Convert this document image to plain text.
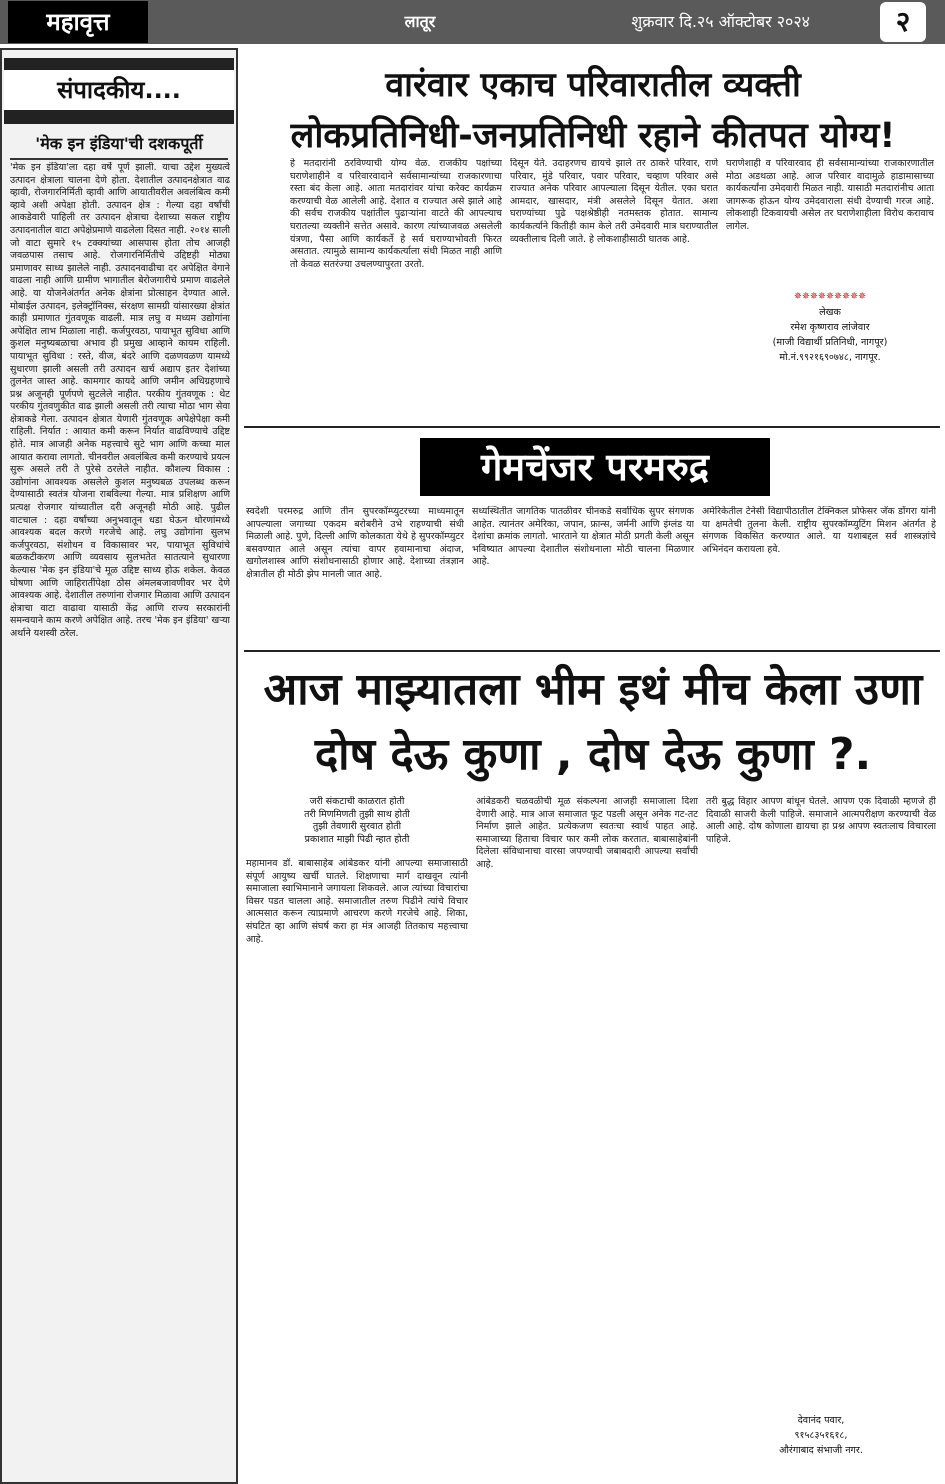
महावृत्त	लातूर	शुक्रवार दि.२५ ऑक्टोबर २०२४	२
संपादकीय....
'मेक इन इंडिया'ची दशकपूर्ती
'मेक इन इंडिया'ला दहा वर्षे पूर्ण झाली. याचा उद्देश मुख्यत्वे उत्पादन क्षेत्राला चालना देणे होता. देशातील उत्पादनक्षेत्रात वाढ व्हावी, रोजगारनिर्मिती व्हावी आणि आयातीवरील अवलंबित्व कमी व्हावे अशी अपेक्षा होती. उत्पादन क्षेत्र : गेल्या दहा वर्षांची आकडेवारी पाहिली तर उत्पादन क्षेत्राचा देशाच्या सकल राष्ट्रीय उत्पादनातील वाटा अपेक्षेप्रमाणे वाढलेला दिसत नाही. २०१४ साली जो वाटा सुमारे १५ टक्क्यांच्या आसपास होता तोच आजही जवळपास तसाच आहे. रोजगारनिर्मितीचे उद्दिष्टही मोठ्या प्रमाणावर साध्य झालेले नाही. उत्पादनवाढीचा दर अपेक्षित वेगाने वाढला नाही आणि ग्रामीण भागातील बेरोजगारीचे प्रमाण वाढलेले आहे. या योजनेअंतर्गत अनेक क्षेत्रांना प्रोत्साहन देण्यात आले. मोबाईल उत्पादन, इलेक्ट्रॉनिक्स, संरक्षण सामग्री यांसारख्या क्षेत्रांत काही प्रमाणात गुंतवणूक वाढली. मात्र लघु व मध्यम उद्योगांना अपेक्षित लाभ मिळाला नाही. कर्जपुरवठा, पायाभूत सुविधा आणि कुशल मनुष्यबळाचा अभाव ही प्रमुख आव्हाने कायम राहिली. पायाभूत सुविधा : रस्ते, वीज, बंदरे आणि दळणवळण यामध्ये सुधारणा झाली असली तरी उत्पादन खर्च अद्याप इतर देशांच्या तुलनेत जास्त आहे. कामगार कायदे आणि जमीन अधिग्रहणाचे प्रश्न अजूनही पूर्णपणे सुटलेले नाहीत. परकीय गुंतवणूक : थेट परकीय गुंतवणुकीत वाढ झाली असली तरी त्याचा मोठा भाग सेवा क्षेत्राकडे गेला. उत्पादन क्षेत्रात येणारी गुंतवणूक अपेक्षेपेक्षा कमी राहिली. निर्यात : आयात कमी करून निर्यात वाढविण्याचे उद्दिष्ट होते. मात्र आजही अनेक महत्त्वाचे सुटे भाग आणि कच्चा माल आयात करावा लागतो. चीनवरील अवलंबित्व कमी करण्याचे प्रयत्न सुरू असले तरी ते पुरेसे ठरलेले नाहीत. कौशल्य विकास : उद्योगांना आवश्यक असलेले कुशल मनुष्यबळ उपलब्ध करून देण्यासाठी स्वतंत्र योजना राबविल्या गेल्या. मात्र प्रशिक्षण आणि प्रत्यक्ष रोजगार यांच्यातील दरी अजूनही मोठी आहे. पुढील वाटचाल : दहा वर्षांच्या अनुभवातून धडा घेऊन धोरणांमध्ये आवश्यक बदल करणे गरजेचे आहे. लघु उद्योगांना सुलभ कर्जपुरवठा, संशोधन व विकासावर भर, पायाभूत सुविधांचे बळकटीकरण आणि व्यवसाय सुलभतेत सातत्याने सुधारणा केल्यास 'मेक इन इंडिया'चे मूळ उद्दिष्ट साध्य होऊ शकेल. केवळ घोषणा आणि जाहिरातींपेक्षा ठोस अंमलबजावणीवर भर देणे आवश्यक आहे. देशातील तरुणांना रोजगार मिळावा आणि उत्पादन क्षेत्राचा वाटा वाढावा यासाठी केंद्र आणि राज्य सरकारांनी समन्वयाने काम करणे अपेक्षित आहे. तरच 'मेक इन इंडिया' खऱ्या अर्थाने यशस्वी ठरेल.
वारंवार एकाच परिवारातील व्यक्ती
लोकप्रतिनिधी-जनप्रतिनिधी रहाने कीतपत योग्य!
हे मतदारांनी ठरविण्याची योग्य वेळ. राजकीय पक्षांच्या घराणेशाहीने व परिवारवादाने सर्वसामान्यांच्या राजकारणाचा रस्ता बंद केला आहे. आता मतदारांवर यांचा करेक्ट कार्यक्रम करण्याची वेळ आलेली आहे. देशात व राज्यात असे झाले आहे की सर्वच राजकीय पक्षांतील पुढाऱ्यांना वाटते की आपल्याच घरातल्या व्यक्तीने सत्तेत असावे. कारण त्यांच्याजवळ असलेली यंत्रणा, पैसा आणि कार्यकर्ते हे सर्व घराण्याभोवती फिरत असतात. त्यामुळे सामान्य कार्यकर्त्याला संधी मिळत नाही आणि तो केवळ सतरंज्या उचलण्यापुरता उरतो.
दिसून येते. उदाहरणच द्यायचे झाले तर ठाकरे परिवार, राणे परिवार, मुंडे परिवार, पवार परिवार, चव्हाण परिवार असे राज्यात अनेक परिवार आपल्याला दिसून येतील. एका घरात आमदार, खासदार, मंत्री असलेले दिसून येतात. अशा घराण्यांच्या पुढे पक्षश्रेष्ठीही नतमस्तक होतात. सामान्य कार्यकर्त्याने कितीही काम केले तरी उमेदवारी मात्र घराण्यातील व्यक्तीलाच दिली जाते. हे लोकशाहीसाठी घातक आहे.
घराणेशाही व परिवारवाद ही सर्वसामान्यांच्या राजकारणातील मोठा अडथळा आहे. आज परिवार वादामुळे हाडामासाच्या कार्यकर्त्यांना उमेदवारी मिळत नाही. यासाठी मतदारांनीच आता जागरूक होऊन योग्य उमेदवाराला संधी देण्याची गरज आहे. लोकशाही टिकवायची असेल तर घराणेशाहीला विरोध करावाच लागेल.
✵✵✵✵✵✵✵✵✵
लेखक
रमेश कृष्णराव लांजेवार
(माजी विद्यार्थी प्रतिनिधी, नागपूर)
मो.नं.९९२१६९०७४८, नागपूर.
गेमचेंजर परमरुद्र
स्वदेशी परमरुद्र आणि तीन सुपरकॉम्प्युटरच्या माध्यमातून आपल्याला जगाच्या एकदम बरोबरीने उभे राहण्याची संधी मिळाली आहे. पुणे, दिल्ली आणि कोलकाता येथे हे सुपरकॉम्प्युटर बसवण्यात आले असून त्यांचा वापर हवामानाचा अंदाज, खगोलशास्त्र आणि संशोधनासाठी होणार आहे. देशाच्या तंत्रज्ञान क्षेत्रातील ही मोठी झेप मानली जात आहे.
सध्यस्थितीत जागतिक पातळीवर चीनकडे सर्वाधिक सुपर संगणक आहेत. त्यानंतर अमेरिका, जपान, फ्रान्स, जर्मनी आणि इंग्लंड या देशांचा क्रमांक लागतो. भारताने या क्षेत्रात मोठी प्रगती केली असून भविष्यात आपल्या देशातील संशोधनाला मोठी चालना मिळणार आहे.
अमेरिकेतील टेनेसी विद्यापीठातील टेक्निकल प्रोफेसर जॅक डोंगरा यांनी या क्षमतेची तुलना केली. राष्ट्रीय सुपरकॉम्प्युटिंग मिशन अंतर्गत हे संगणक विकसित करण्यात आले. या यशाबद्दल सर्व शास्त्रज्ञांचे अभिनंदन करायला हवे.
आज माझ्यातला भीम इथं मीच केला उणा
दोष देऊ कुणा , दोष देऊ कुणा ?.
जरी संकटाची काळरात होती
तरी मिणमिणती तुझी साथ होती
तुझी तेवणारी सुरवात होती
प्रकाशात माझी पिढी न्हात होती
महामानव डॉ. बाबासाहेब आंबेडकर यांनी आपल्या समाजासाठी संपूर्ण आयुष्य खर्ची घातले. शिक्षणाचा मार्ग दाखवून त्यांनी समाजाला स्वाभिमानाने जगायला शिकवले. आज त्यांच्या विचारांचा विसर पडत चालला आहे. समाजातील तरुण पिढीने त्यांचे विचार आत्मसात करून त्याप्रमाणे आचरण करणे गरजेचे आहे. शिका, संघटित व्हा आणि संघर्ष करा हा मंत्र आजही तितकाच महत्त्वाचा आहे.
आंबेडकरी चळवळीची मूळ संकल्पना आजही समाजाला दिशा देणारी आहे. मात्र आज समाजात फूट पडली असून अनेक गट-तट निर्माण झाले आहेत. प्रत्येकजण स्वतःचा स्वार्थ पाहत आहे. समाजाच्या हिताचा विचार फार कमी लोक करतात. बाबासाहेबांनी दिलेला संविधानाचा वारसा जपण्याची जबाबदारी आपल्या सर्वांची आहे.
तरी बुद्ध विहार आपण बांधून घेतले. आपण एक दिवाळी म्हणजे ही दिवाळी साजरी केली पाहिजे. समाजाने आत्मपरीक्षण करण्याची वेळ आली आहे. दोष कोणाला द्यायचा हा प्रश्न आपण स्वतःलाच विचारला पाहिजे.
देवानंद पवार,
९१५८३५१६१८,
औरंगाबाद संभाजी नगर.
